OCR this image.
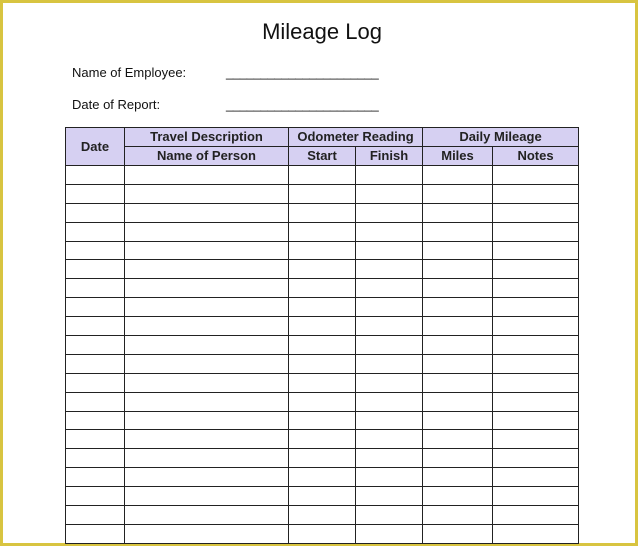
Mileage Log
Name of Employee:	______________________
Date of Report:	______________________
Date	Travel Description	Odometer Reading		Daily Mileage	
	Name of Person	Start	Finish	Miles	Notes
